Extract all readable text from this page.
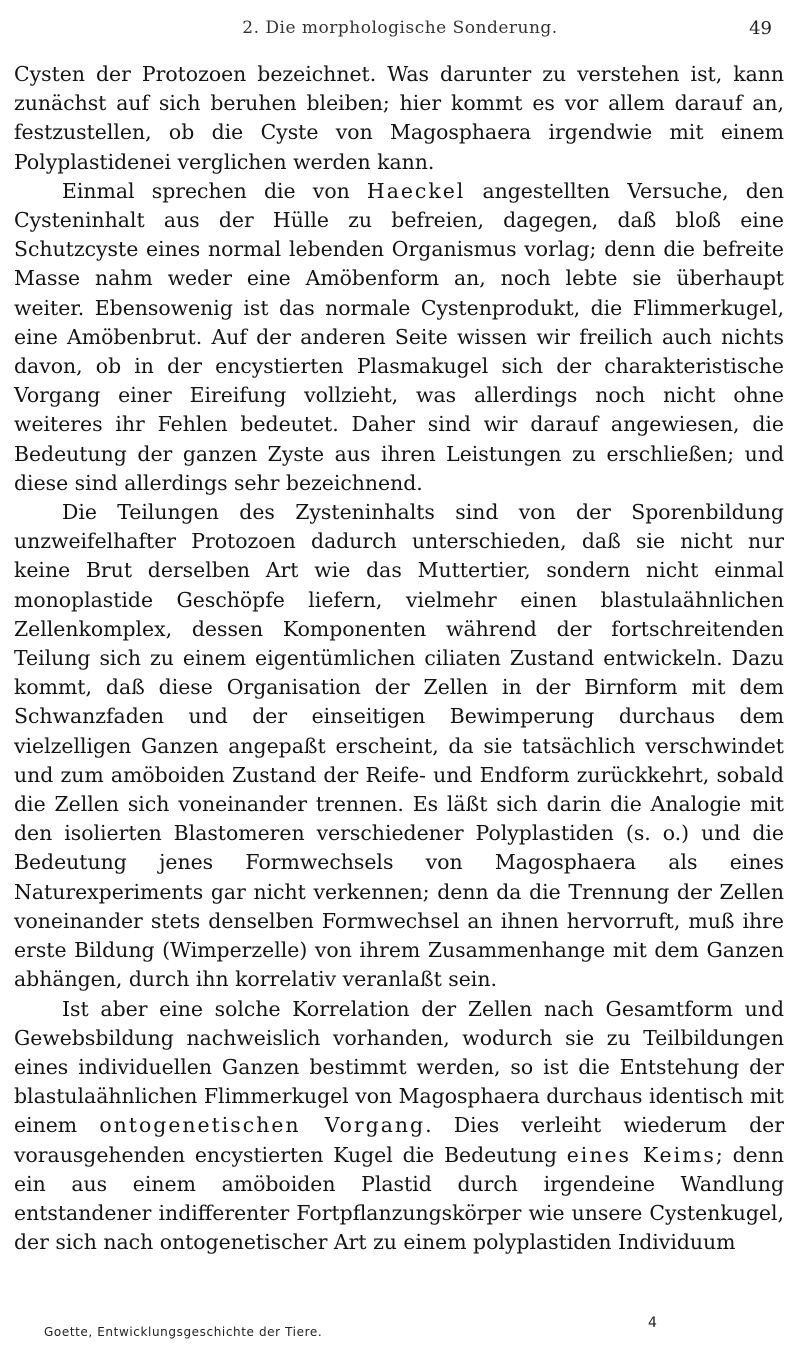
2. Die morphologische Sonderung.	49

Cysten der Protozoen bezeichnet. Was darunter zu verstehen ist, kann zunächst auf sich beruhen bleiben; hier kommt es vor allem darauf an, festzustellen, ob die Cyste von Magosphaera irgendwie mit einem Polyplastidenei verglichen werden kann.

Einmal sprechen die von Haeckel angestellten Versuche, den Cysteninhalt aus der Hülle zu befreien, dagegen, daß bloß eine Schutzcyste eines normal lebenden Organismus vorlag; denn die befreite Masse nahm weder eine Amöbenform an, noch lebte sie überhaupt weiter. Ebensowenig ist das normale Cystenprodukt, die Flimmerkugel, eine Amöbenbrut. Auf der anderen Seite wissen wir freilich auch nichts davon, ob in der encystierten Plasmakugel sich der charakteristische Vorgang einer Eireifung vollzieht, was allerdings noch nicht ohne weiteres ihr Fehlen bedeutet. Daher sind wir darauf angewiesen, die Bedeutung der ganzen Zyste aus ihren Leistungen zu erschließen; und diese sind allerdings sehr bezeichnend.

Die Teilungen des Zysteninhalts sind von der Sporenbildung unzweifelhafter Protozoen dadurch unterschieden, daß sie nicht nur keine Brut derselben Art wie das Muttertier, sondern nicht einmal monoplastide Geschöpfe liefern, vielmehr einen blastulaähnlichen Zellenkomplex, dessen Komponenten während der fortschreitenden Teilung sich zu einem eigentümlichen ciliaten Zustand entwickeln. Dazu kommt, daß diese Organisation der Zellen in der Birnform mit dem Schwanzfaden und der einseitigen Bewimperung durchaus dem vielzelligen Ganzen angepaßt erscheint, da sie tatsächlich verschwindet und zum amöboiden Zustand der Reife- und Endform zurückkehrt, sobald die Zellen sich voneinander trennen. Es läßt sich darin die Analogie mit den isolierten Blastomeren verschiedener Polyplastiden (s. o.) und die Bedeutung jenes Formwechsels von Magosphaera als eines Naturexperiments gar nicht verkennen; denn da die Trennung der Zellen voneinander stets denselben Formwechsel an ihnen hervorruft, muß ihre erste Bildung (Wimperzelle) von ihrem Zusammenhange mit dem Ganzen abhängen, durch ihn korrelativ veranlaßt sein.

Ist aber eine solche Korrelation der Zellen nach Gesamtform und Gewebsbildung nachweislich vorhanden, wodurch sie zu Teilbildungen eines individuellen Ganzen bestimmt werden, so ist die Entstehung der blastulaähnlichen Flimmerkugel von Magosphaera durchaus identisch mit einem ontogenetischen Vorgang. Dies verleiht wiederum der vorausgehenden encystierten Kugel die Bedeutung eines Keims; denn ein aus einem amöboiden Plastid durch irgendeine Wandlung entstandener indifferenter Fortpflanzungskörper wie unsere Cystenkugel, der sich nach ontogenetischer Art zu einem polyplastiden Individuum

Goette, Entwicklungsgeschichte der Tiere.
4
